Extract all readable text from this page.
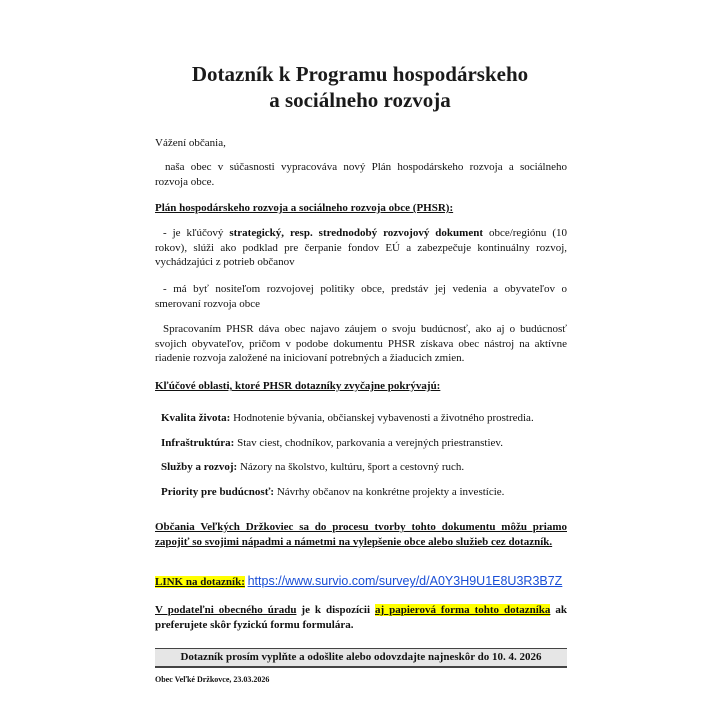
Dotazník k Programu hospodárskeho
a sociálneho rozvoja
Vážení občania,
naša obec v súčasnosti vypracováva nový Plán hospodárskeho rozvoja a sociálneho rozvoja obce.
Plán hospodárskeho rozvoja a sociálneho rozvoja obce (PHSR):
- je kľúčový strategický, resp. strednodobý rozvojový dokument obce/regiónu (10 rokov), slúži ako podklad pre čerpanie fondov EÚ a zabezpečuje kontinuálny rozvoj, vychádzajúci z potrieb občanov
- má byť nositeľom rozvojovej politiky obce, predstáv jej vedenia a obyvateľov o smerovaní rozvoja obce
Spracovaním PHSR dáva obec najavo záujem o svoju budúcnosť, ako aj o budúcnosť svojich obyvateľov, pričom v podobe dokumentu PHSR získava obec nástroj na aktívne riadenie rozvoja založené na iniciovaní potrebných a žiaducich zmien.
Kľúčové oblasti, ktoré PHSR dotazníky zvyčajne pokrývajú:
Kvalita života: Hodnotenie bývania, občianskej vybavenosti a životného prostredia.
Infraštruktúra: Stav ciest, chodníkov, parkovania a verejných priestranstiev.
Služby a rozvoj: Názory na školstvo, kultúru, šport a cestovný ruch.
Priority pre budúcnosť: Návrhy občanov na konkrétne projekty a investície.
Občania Veľkých Držkoviec sa do procesu tvorby tohto dokumentu môžu priamo zapojiť so svojimi nápadmi a námetmi na vylepšenie obce alebo služieb cez dotazník.
LINK na dotazník: https://www.survio.com/survey/d/A0Y3H9U1E8U3R3B7Z
V podateľni obecného úradu je k dispozícii aj papierová forma tohto dotazníka ak preferujete skôr fyzickú formu formulára.
Dotazník prosím vyplňte a odošlite alebo odovzdajte najneskôr do 10. 4. 2026
Obec Veľké Držkovce, 23.03.2026
